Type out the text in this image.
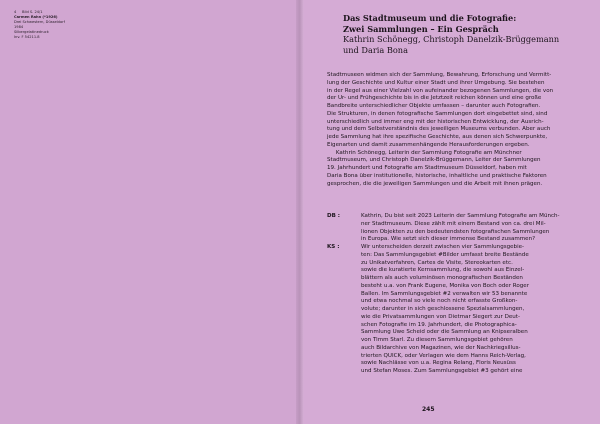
4 Bild S. 24/1
Carmen Rahn (*1926)
Drei Schwestern, Düsseldorf
1984
Silbergelatinedruck
Inv. F 54211.8

Das Stadtmuseum und die Fotografie:

Zwei Sammlungen – Ein Gespräch

Kathrin Schönegg, Christoph Danelzik-Brüggemann

und Daria Bona

Stadtmuseen widmen sich der Sammlung, Bewahrung, Erforschung und Vermitt-
lung der Geschichte und Kultur einer Stadt und ihrer Umgebung. Sie bestehen
in der Regel aus einer Vielzahl von aufeinander bezogenen Sammlungen, die von
der Ur- und Frühgeschichte bis in die Jetztzeit reichen können und eine große
Bandbreite unterschiedlicher Objekte umfassen – darunter auch Fotografien.
Die Strukturen, in denen fotografische Sammlungen dort eingebettet sind, sind
unterschiedlich und immer eng mit der historischen Entwicklung, der Ausrich-
tung und dem Selbstverständnis des jeweiligen Museums verbunden. Aber auch
jede Sammlung hat ihre spezifische Geschichte, aus denen sich Schwerpunkte,
Eigenarten und damit zusammenhängende Herausforderungen ergeben.
Kathrin Schönegg, Leiterin der Sammlung Fotografie am Münchner
Stadtmuseum, und Christoph Danelzik-Brüggemann, Leiter der Sammlungen
19. Jahrhundert und Fotografie am Stadtmuseum Düsseldorf, haben mit
Daria Bona über institutionelle, historische, inhaltliche und praktische Faktoren
gesprochen, die die jeweiligen Sammlungen und die Arbeit mit ihnen prägen.
DB :	Kathrin, Du bist seit 2023 Leiterin der Sammlung Fotografie am Münch-
ner Stadtmuseum. Diese zählt mit einem Bestand von ca. drei Mil-
lionen Objekten zu den bedeutendsten fotografischen Sammlungen
in Europa. Wie setzt sich dieser immense Bestand zusammen?
KS :	Wir unterscheiden derzeit zwischen vier Sammlungsgebie-
ten: Das Sammlungsgebiet #Bilder umfasst breite Bestände
zu Unikatverfahren, Cartes de Visite, Stereokarten etc.
sowie die kuratierte Kernsammlung, die sowohl aus Einzel-
blättern als auch voluminösen monografischen Beständen
besteht u.a. von Frank Eugene, Monika von Boch oder Roger
Ballen. Im Sammlungsgebiet #2 verwalten wir 53 benannte
und etwa nochmal so viele noch nicht erfasste Großkon-
volute; darunter in sich geschlossene Spezialsammlungen,
wie die Privatsammlungen von Dietmar Siegert zur Deut-
schen Fotografie im 19. Jahrhundert, die Photographica-
Sammlung Uwe Scheid oder die Sammlung an Knipseralben
von Timm Starl. Zu diesem Sammlungsgebiet gehören
auch Bildarchive von Magazinen, wie der Nachkriegsillus-
trierten QUICK, oder Verlagen wie dem Hanns Reich-Verlag,
sowie Nachlässe von u.a. Regina Relang, Floris Neusüss
und Stefan Moses. Zum Sammlungsgebiet #3 gehört eine
245
